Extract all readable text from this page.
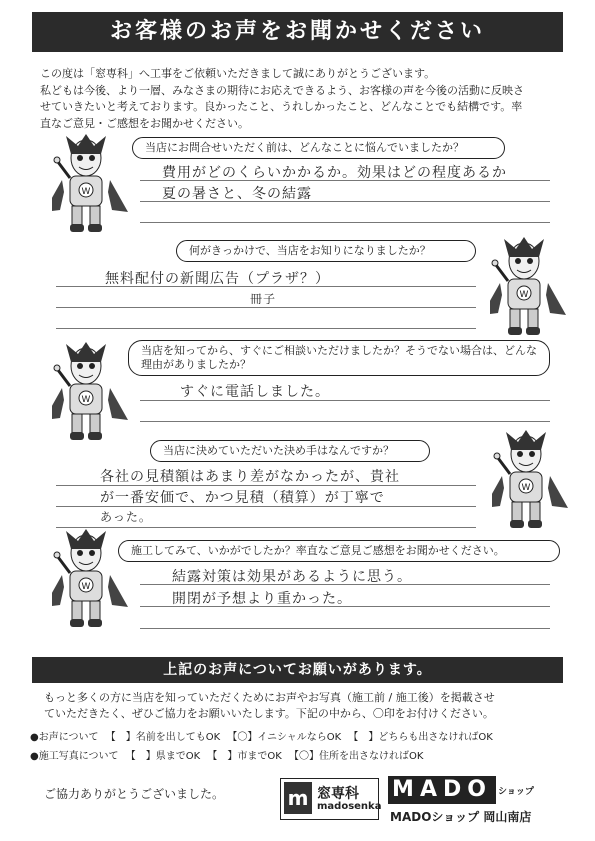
お客様のお声をお聞かせください
この度は「窓専科」へ工事をご依頼いただきまして誠にありがとうございます。
私どもは今後、より一層、みなさまの期待にお応えできるよう、お客様の声を今後の活動に反映さ
せていきたいと考えております。良かったこと、うれしかったこと、どんなことでも結構です。率
直なご意見・ご感想をお聞かせください。
当店にお問合せいただく前は、どんなことに悩んでいましたか？
費用がどのくらいかかるか。効果はどの程度あるか
夏の暑さと、冬の結露
何がきっかけで、当店をお知りになりましたか？
無料配付の新聞広告（プラザ？）
冊子
当店を知ってから、すぐにご相談いただけましたか？そうでない場合は、どんな理由がありましたか？
すぐに電話しました。
当店に決めていただいた決め手はなんですか？
各社の見積額はあまり差がなかったが、貴社
が一番安価で、かつ見積（積算）が丁寧で
あった。
施工してみて、いかがでしたか？率直なご意見ご感想をお聞かせください。
結露対策は効果があるように思う。
開閉が予想より重かった。
上記のお声についてお願いがあります。
もっと多くの方に当店を知っていただくためにお声やお写真（施工前 / 施工後）を掲載させ
ていただきたく、ぜひご協力をお願いいたします。下記の中から、〇印をお付けください。
●お声について 【　】名前を出してもOK 【〇】イニシャルならOK 【　】どちらも出さなければOK
●施工写真について 【　】県までOK 【　】市までOK 【〇】住所を出さなければOK
ご協力ありがとうございました。	m 窓専科
madosenka
MADO ショップ
MADOショップ 岡山南店
